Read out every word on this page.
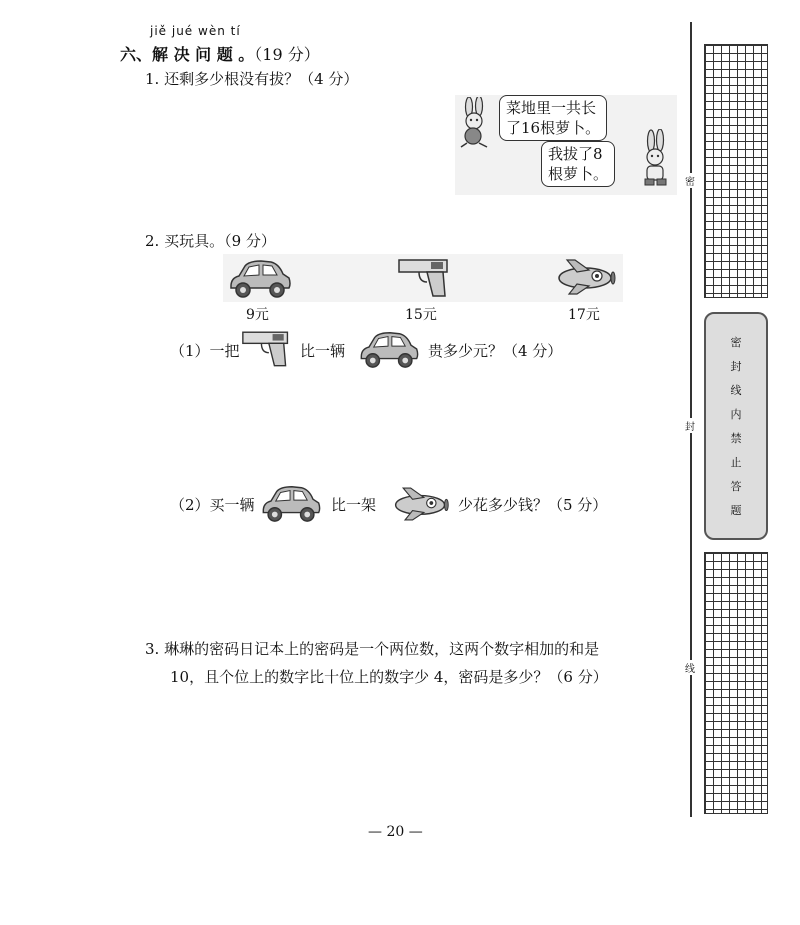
jiě jué wèn tí
六、解 决 问 题 。（19 分）
1. 还剩多少根没有拔？（4 分）
菜地里一共长
了16根萝卜。
我拔了8
根萝卜。
2. 买玩具。（9 分）
9元	15元	17元
（1）一把	比一辆	贵多少元？（4 分）
（2）买一辆	比一架	少花多少钱？（5 分）
3. 琳琳的密码日记本上的密码是一个两位数，这两个数字相加的和是
10，且个位上的数字比十位上的数字少 4，密码是多少？（6 分）
— 20 —
密
封
线
密
封
线
内
禁
止
答
题
